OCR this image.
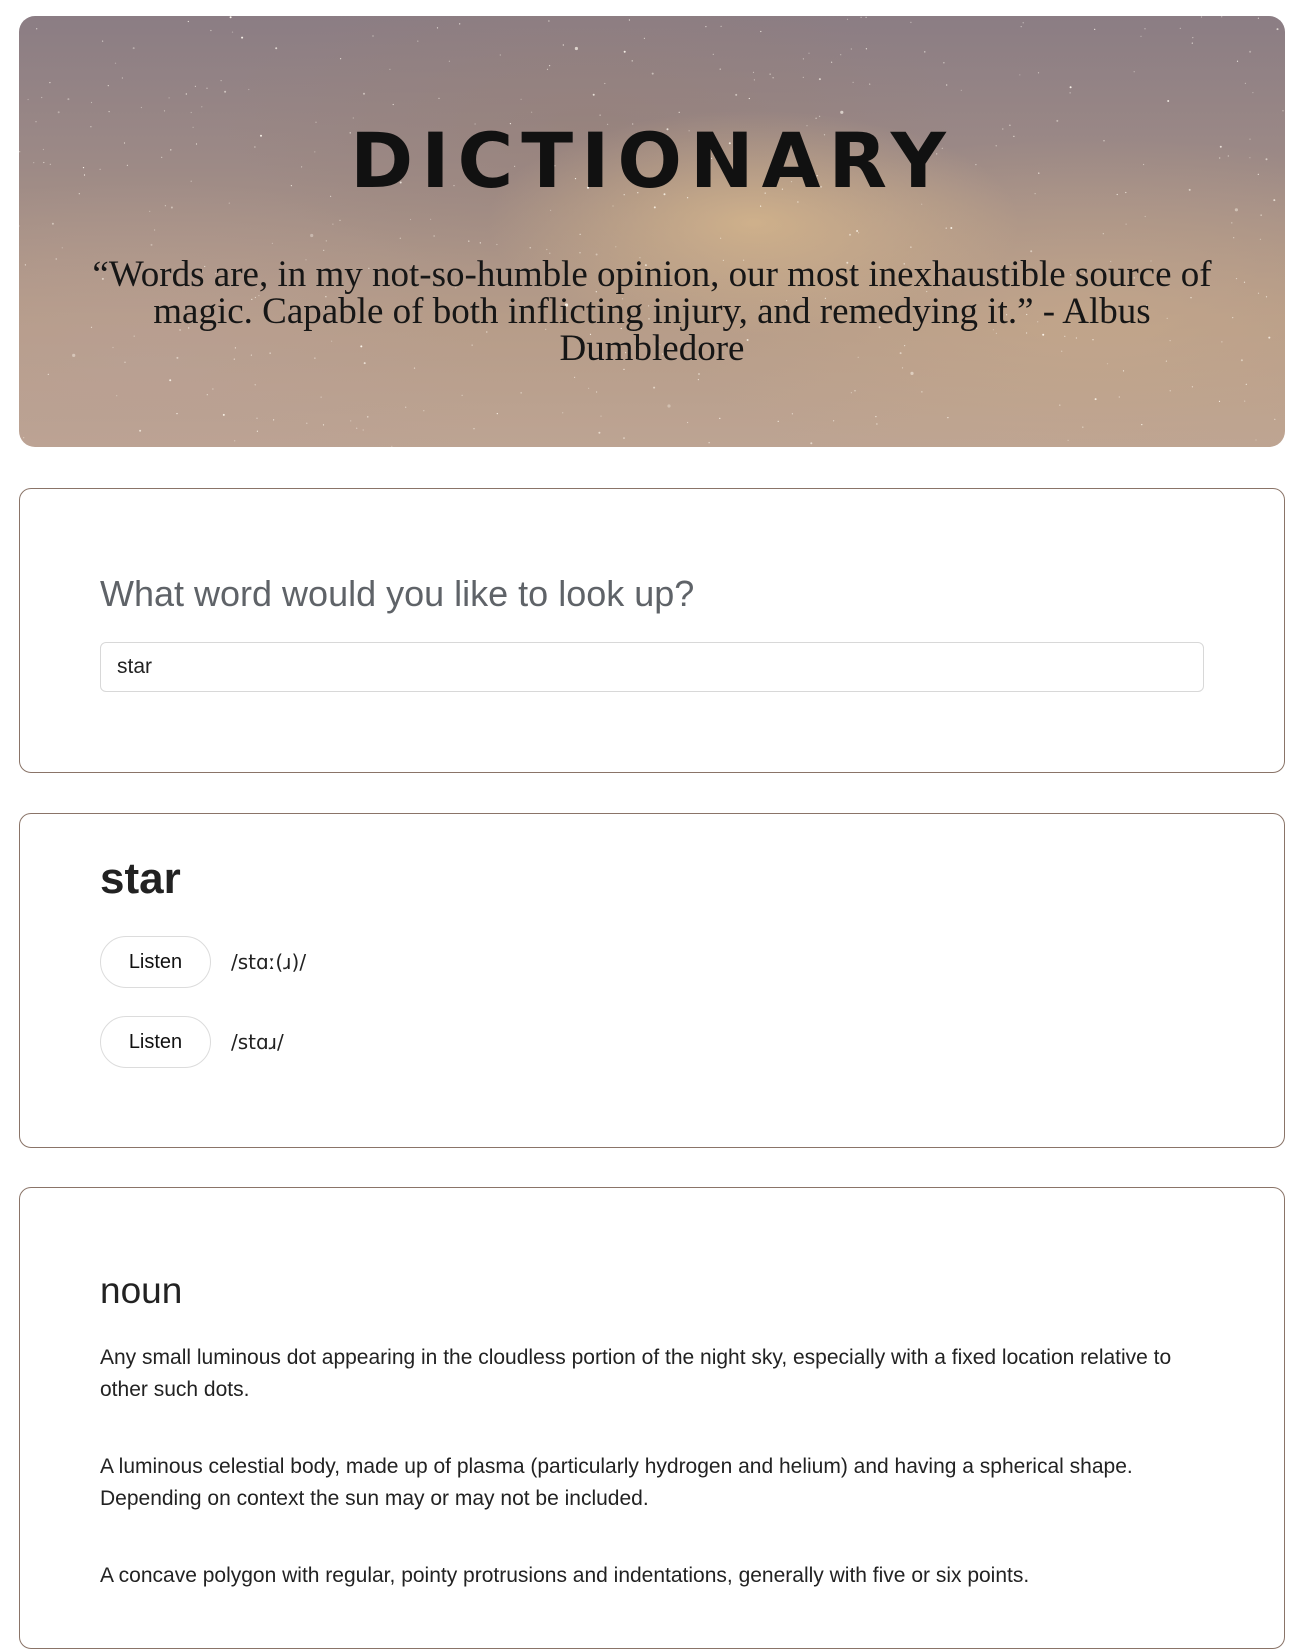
DICTIONARY

“Words are, in my not-so-humble opinion, our most inexhaustible source of magic. Capable of both inflicting injury, and remedying it.” - Albus Dumbledore

What word would you like to look up?
star
star
Listen	/stɑː(ɹ)/
Listen	/stɑɹ/
noun

Any small luminous dot appearing in the cloudless portion of the night sky, especially with a fixed location relative to other such dots.

A luminous celestial body, made up of plasma (particularly hydrogen and helium) and having a spherical shape. Depending on context the sun may or may not be included.

A concave polygon with regular, pointy protrusions and indentations, generally with five or six points.
